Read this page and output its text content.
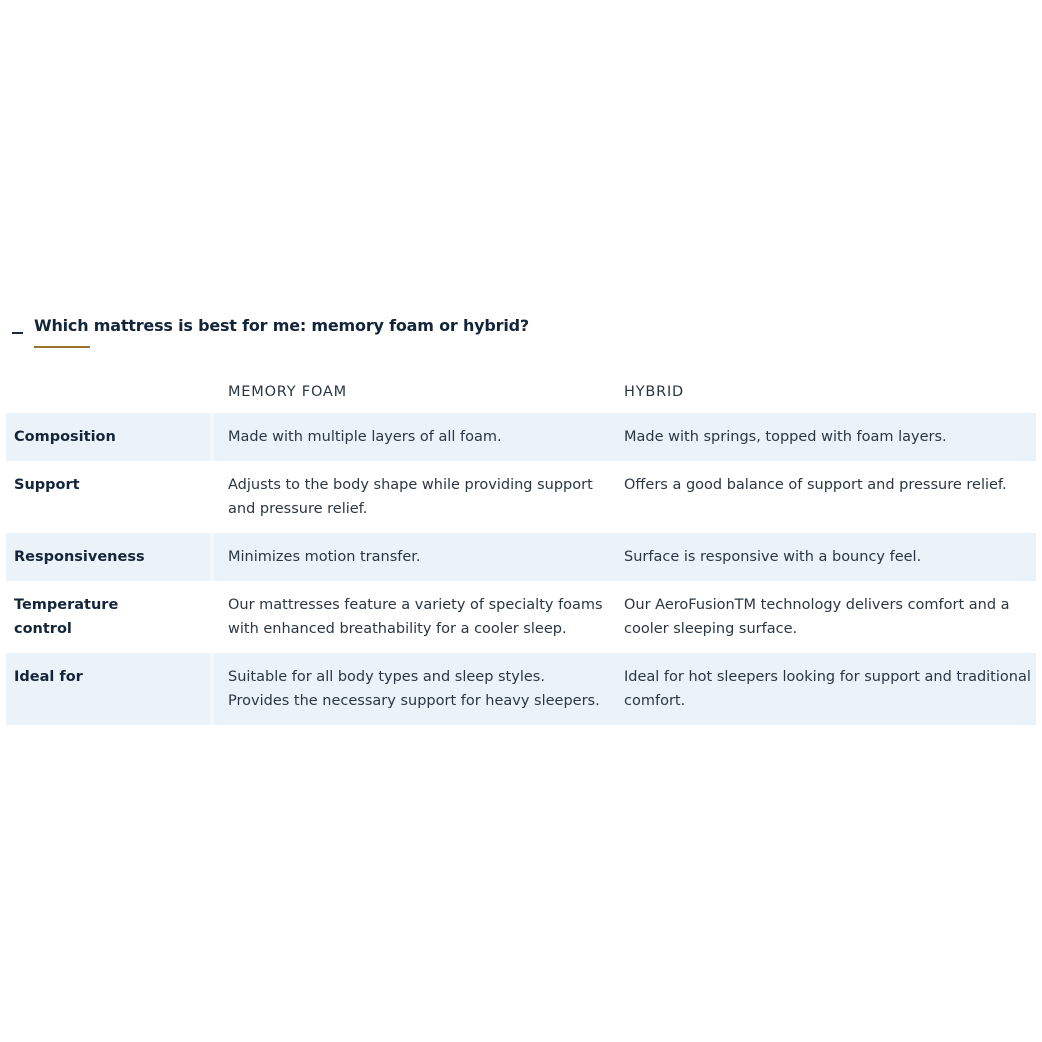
Which mattress is best for me: memory foam or hybrid?
	MEMORY FOAM	HYBRID
Composition	Made with multiple layers of all foam.	Made with springs, topped with foam layers.
Support	Adjusts to the body shape while providing support and pressure relief.	Offers a good balance of support and pressure relief.
Responsiveness	Minimizes motion transfer.	Surface is responsive with a bouncy feel.
Temperature control	Our mattresses feature a variety of specialty foams with enhanced breathability for a cooler sleep.	Our AeroFusionTM technology delivers comfort and a cooler sleeping surface.
Ideal for	Suitable for all body types and sleep styles. Provides the necessary support for heavy sleepers.	Ideal for hot sleepers looking for support and traditional comfort.
